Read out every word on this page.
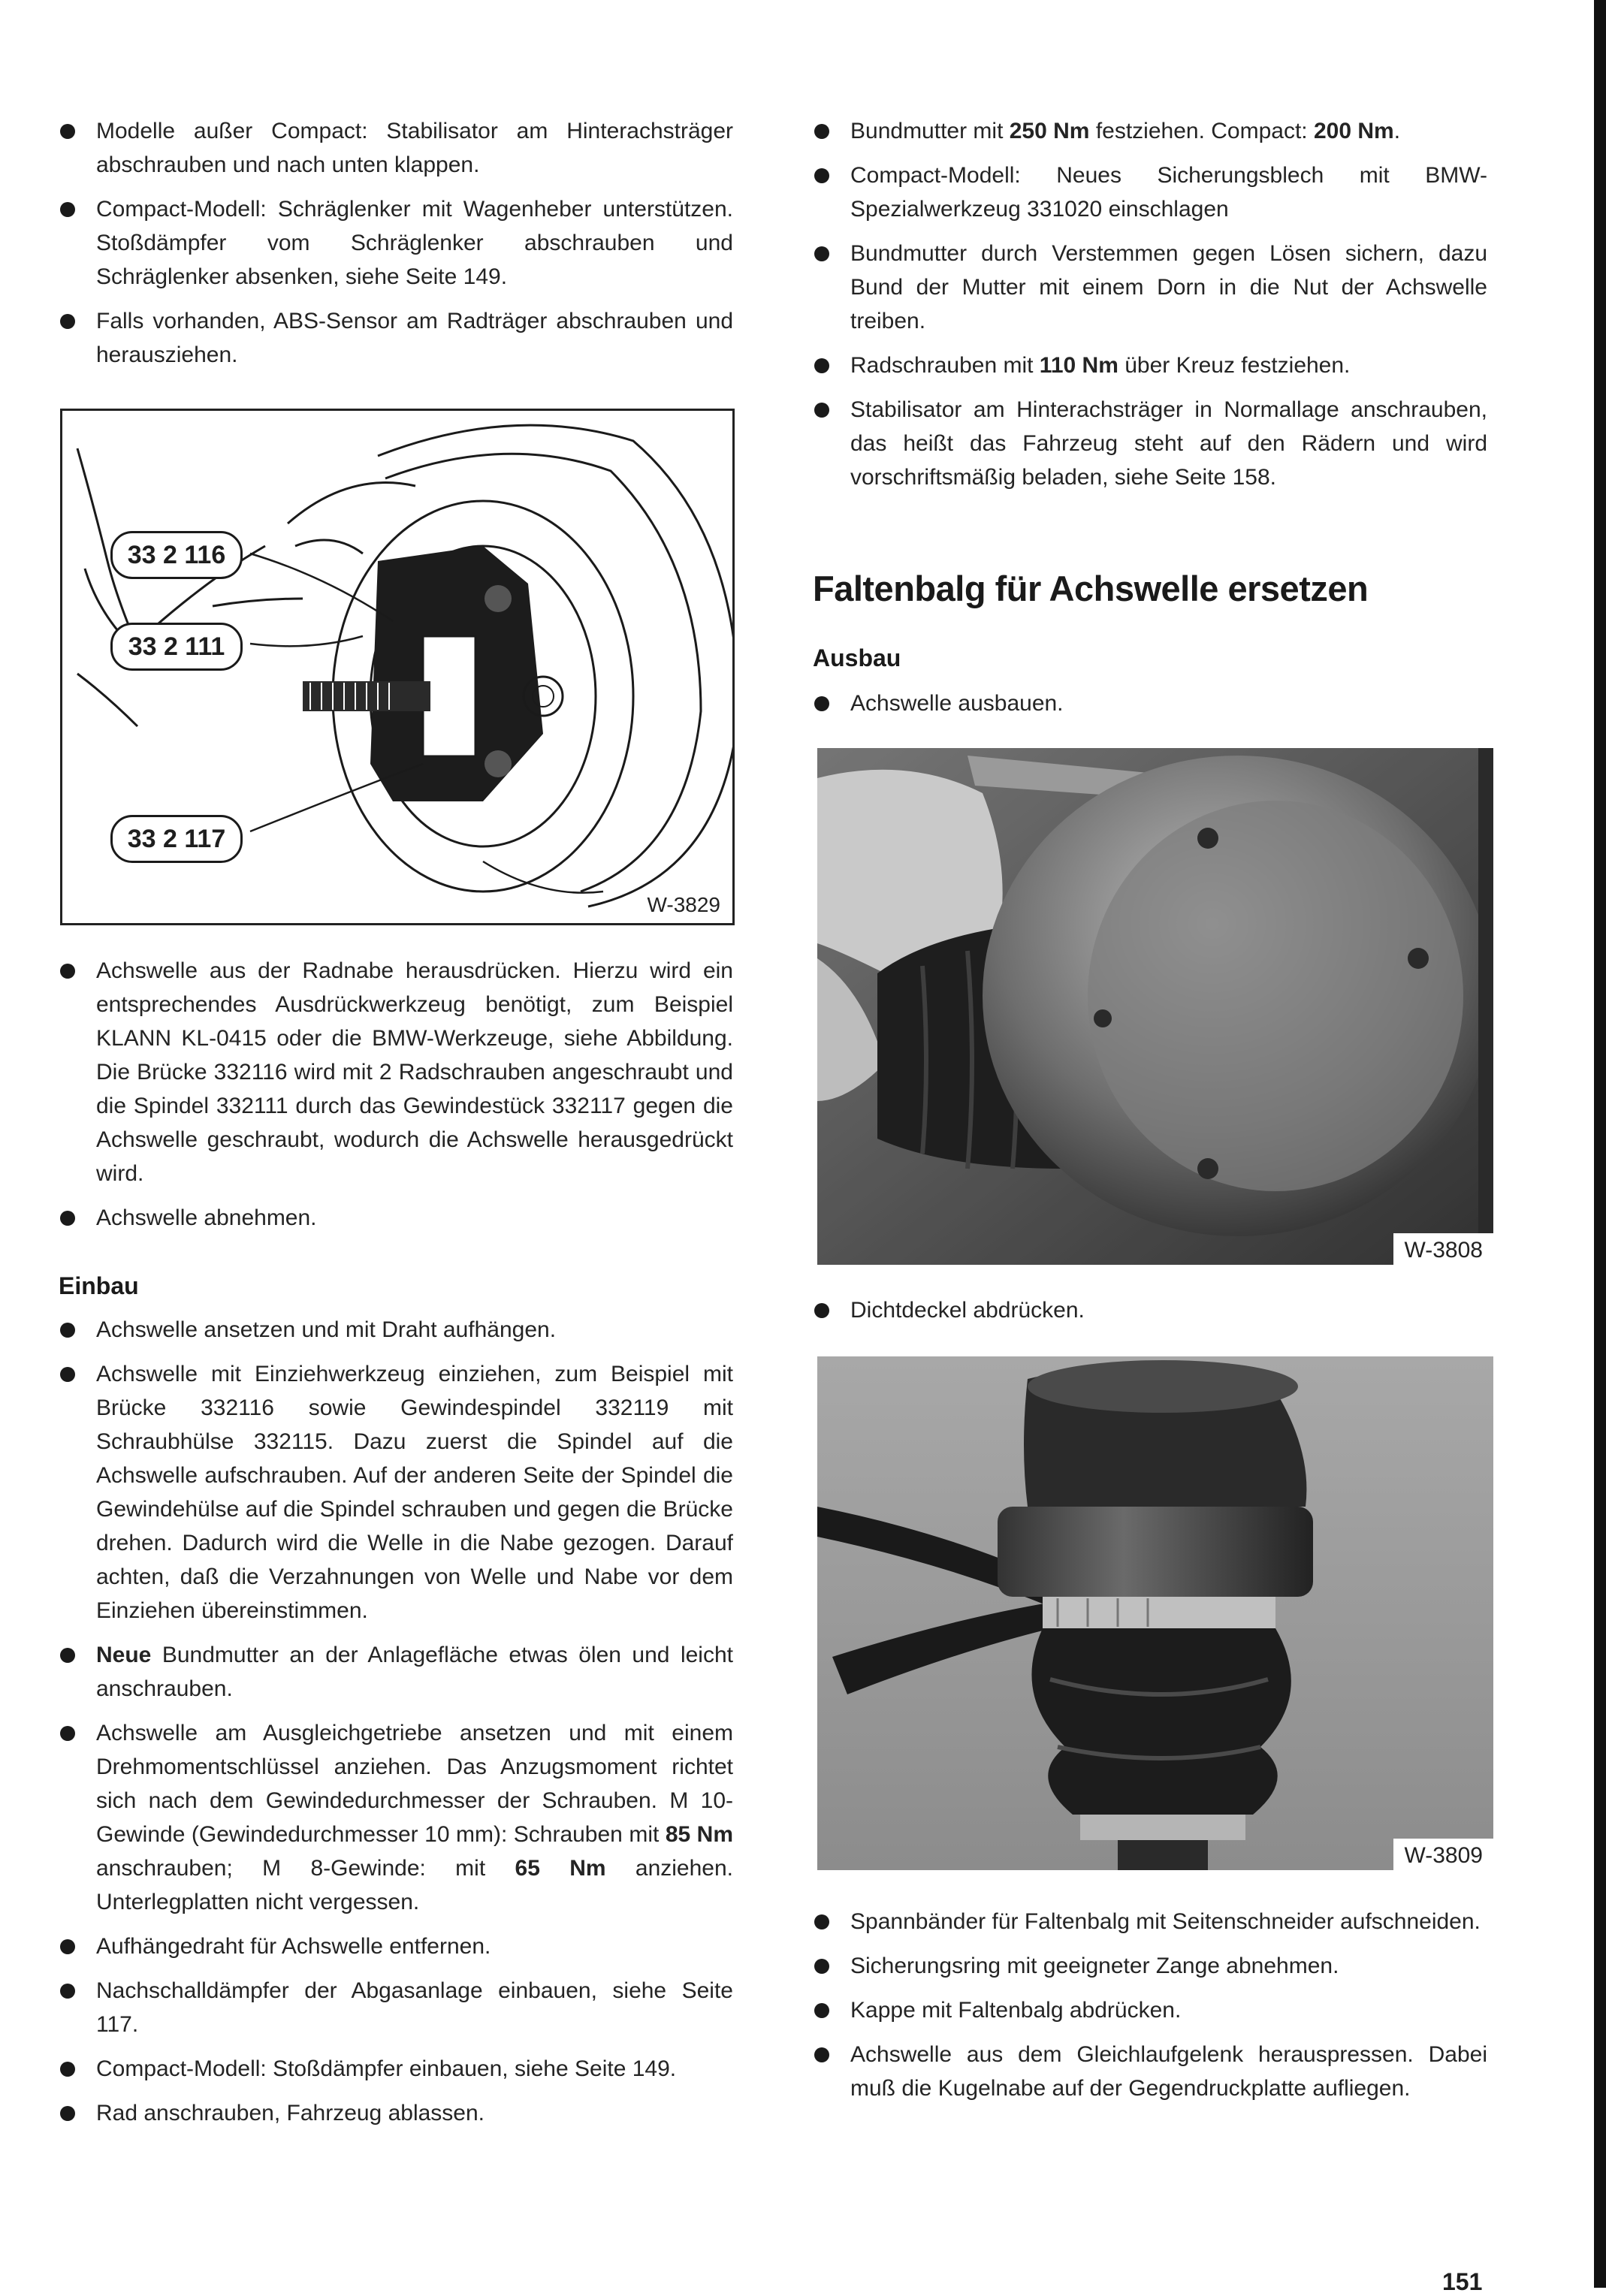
Modelle außer Compact: Stabilisator am Hinterachsträger abschrauben und nach unten klappen.
Compact-Modell: Schräglenker mit Wagenheber unterstützen. Stoßdämpfer vom Schräglenker abschrauben und Schräglenker absenken, siehe Seite 149.
Falls vorhanden, ABS-Sensor am Radträger abschrauben und herausziehen.
33 2 116
33 2 111
33 2 117
W-3829
Achswelle aus der Radnabe herausdrücken. Hierzu wird ein entsprechendes Ausdrückwerkzeug benötigt, zum Beispiel KLANN KL-0415 oder die BMW-Werkzeuge, siehe Abbildung. Die Brücke 332116 wird mit 2 Radschrauben angeschraubt und die Spindel 332111 durch das Gewindestück 332117 gegen die Achswelle geschraubt, wodurch die Achswelle herausgedrückt wird.
Achswelle abnehmen.
Einbau
Achswelle ansetzen und mit Draht aufhängen.
Achswelle mit Einziehwerkzeug einziehen, zum Beispiel mit Brücke 332116 sowie Gewindespindel 332119 mit Schraubhülse 332115. Dazu zuerst die Spindel auf die Achswelle aufschrauben. Auf der anderen Seite der Spindel die Gewindehülse auf die Spindel schrauben und gegen die Brücke drehen. Dadurch wird die Welle in die Nabe gezogen. Darauf achten, daß die Verzahnungen von Welle und Nabe vor dem Einziehen übereinstimmen.
Neue Bundmutter an der Anlagefläche etwas ölen und leicht anschrauben.
Achswelle am Ausgleichgetriebe ansetzen und mit einem Drehmomentschlüssel anziehen. Das Anzugsmoment richtet sich nach dem Gewindedurchmesser der Schrauben. M 10-Gewinde (Gewindedurchmesser 10 mm): Schrauben mit 85 Nm anschrauben; M 8-Gewinde: mit 65 Nm anziehen. Unterlegplatten nicht vergessen.
Aufhängedraht für Achswelle entfernen.
Nachschalldämpfer der Abgasanlage einbauen, siehe Seite 117.
Compact-Modell: Stoßdämpfer einbauen, siehe Seite 149.
Rad anschrauben, Fahrzeug ablassen.
Bundmutter mit 250 Nm festziehen. Compact: 200 Nm.
Compact-Modell: Neues Sicherungsblech mit BMW- Spezialwerkzeug 331020 einschlagen
Bundmutter durch Verstemmen gegen Lösen sichern, dazu Bund der Mutter mit einem Dorn in die Nut der Achswelle treiben.
Radschrauben mit 110 Nm über Kreuz festziehen.
Stabilisator am Hinterachsträger in Normallage anschrauben, das heißt das Fahrzeug steht auf den Rädern und wird vorschriftsmäßig beladen, siehe Seite 158.
Faltenbalg für Achswelle ersetzen
Ausbau
Achswelle ausbauen.
W-3808
Dichtdeckel abdrücken.
W-3809
Spannbänder für Faltenbalg mit Seitenschneider aufschneiden.
Sicherungsring mit geeigneter Zange abnehmen.
Kappe mit Faltenbalg abdrücken.
Achswelle aus dem Gleichlaufgelenk herauspressen. Dabei muß die Kugelnabe auf der Gegendruckplatte aufliegen.
151
